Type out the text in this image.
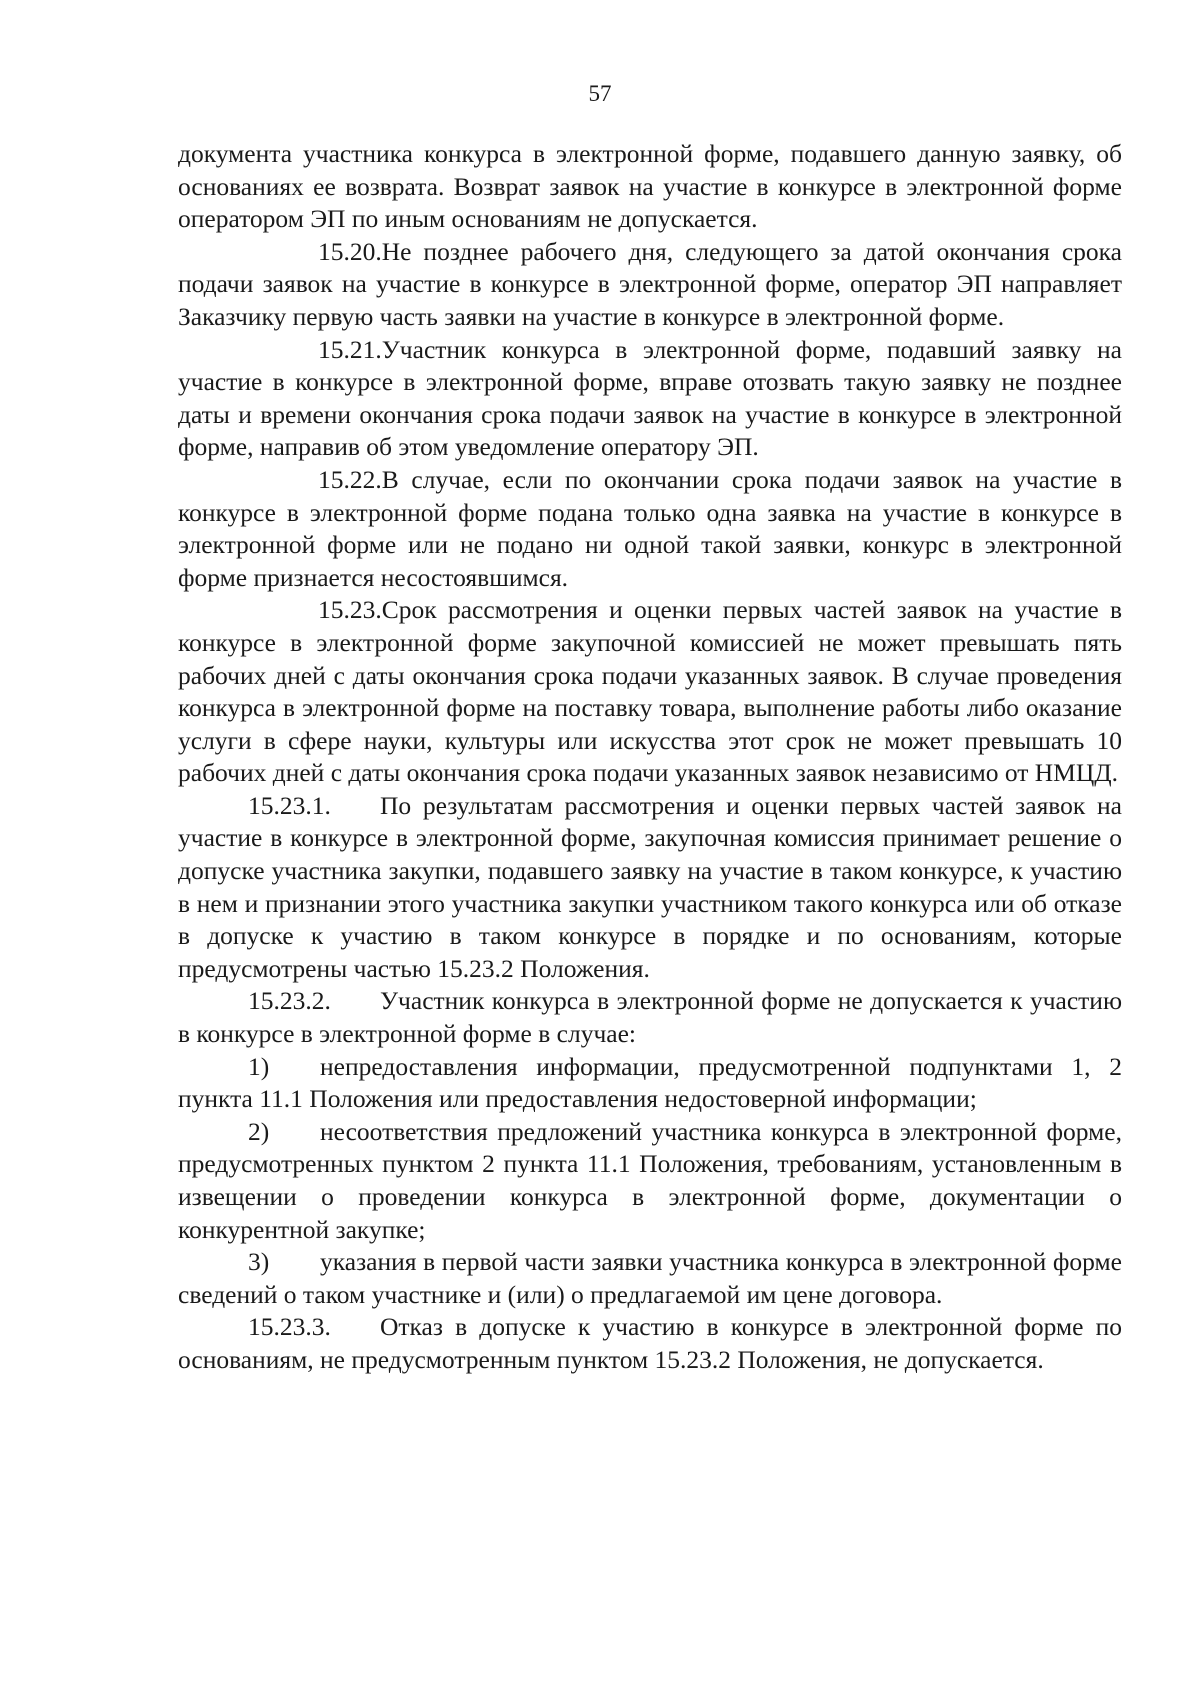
57

документа участника конкурса в электронной форме, подавшего данную заявку, об основаниях ее возврата. Возврат заявок на участие в конкурсе в электронной форме оператором ЭП по иным основаниям не допускается.

15.20.Не позднее рабочего дня, следующего за датой окончания срока подачи заявок на участие в конкурсе в электронной форме, оператор ЭП направляет Заказчику первую часть заявки на участие в конкурсе в электронной форме.

15.21.Участник конкурса в электронной форме, подавший заявку на участие в конкурсе в электронной форме, вправе отозвать такую заявку не позднее даты и времени окончания срока подачи заявок на участие в конкурсе в электронной форме, направив об этом уведомление оператору ЭП.

15.22.В случае, если по окончании срока подачи заявок на участие в конкурсе в электронной форме подана только одна заявка на участие в конкурсе в электронной форме или не подано ни одной такой заявки, конкурс в электронной форме признается несостоявшимся.

15.23.Срок рассмотрения и оценки первых частей заявок на участие в конкурсе в электронной форме закупочной комиссией не может превышать пять рабочих дней с даты окончания срока подачи указанных заявок. В случае проведения конкурса в электронной форме на поставку товара, выполнение работы либо оказание услуги в сфере науки, культуры или искусства этот срок не может превышать 10 рабочих дней с даты окончания срока подачи указанных заявок независимо от НМЦД.

15.23.1. По результатам рассмотрения и оценки первых частей заявок на участие в конкурсе в электронной форме, закупочная комиссия принимает решение о допуске участника закупки, подавшего заявку на участие в таком конкурсе, к участию в нем и признании этого участника закупки участником такого конкурса или об отказе в допуске к участию в таком конкурсе в порядке и по основаниям, которые предусмотрены частью 15.23.2 Положения.

15.23.2. Участник конкурса в электронной форме не допускается к участию в конкурсе в электронной форме в случае:

1) непредоставления информации, предусмотренной подпунктами 1, 2 пункта 11.1 Положения или предоставления недостоверной информации;

2) несоответствия предложений участника конкурса в электронной форме, предусмотренных пунктом 2 пункта 11.1 Положения, требованиям, установленным в извещении о проведении конкурса в электронной форме, документации о конкурентной закупке;

3) указания в первой части заявки участника конкурса в электронной форме сведений о таком участнике и (или) о предлагаемой им цене договора.

15.23.3. Отказ в допуске к участию в конкурсе в электронной форме по основаниям, не предусмотренным пунктом 15.23.2 Положения, не допускается.
